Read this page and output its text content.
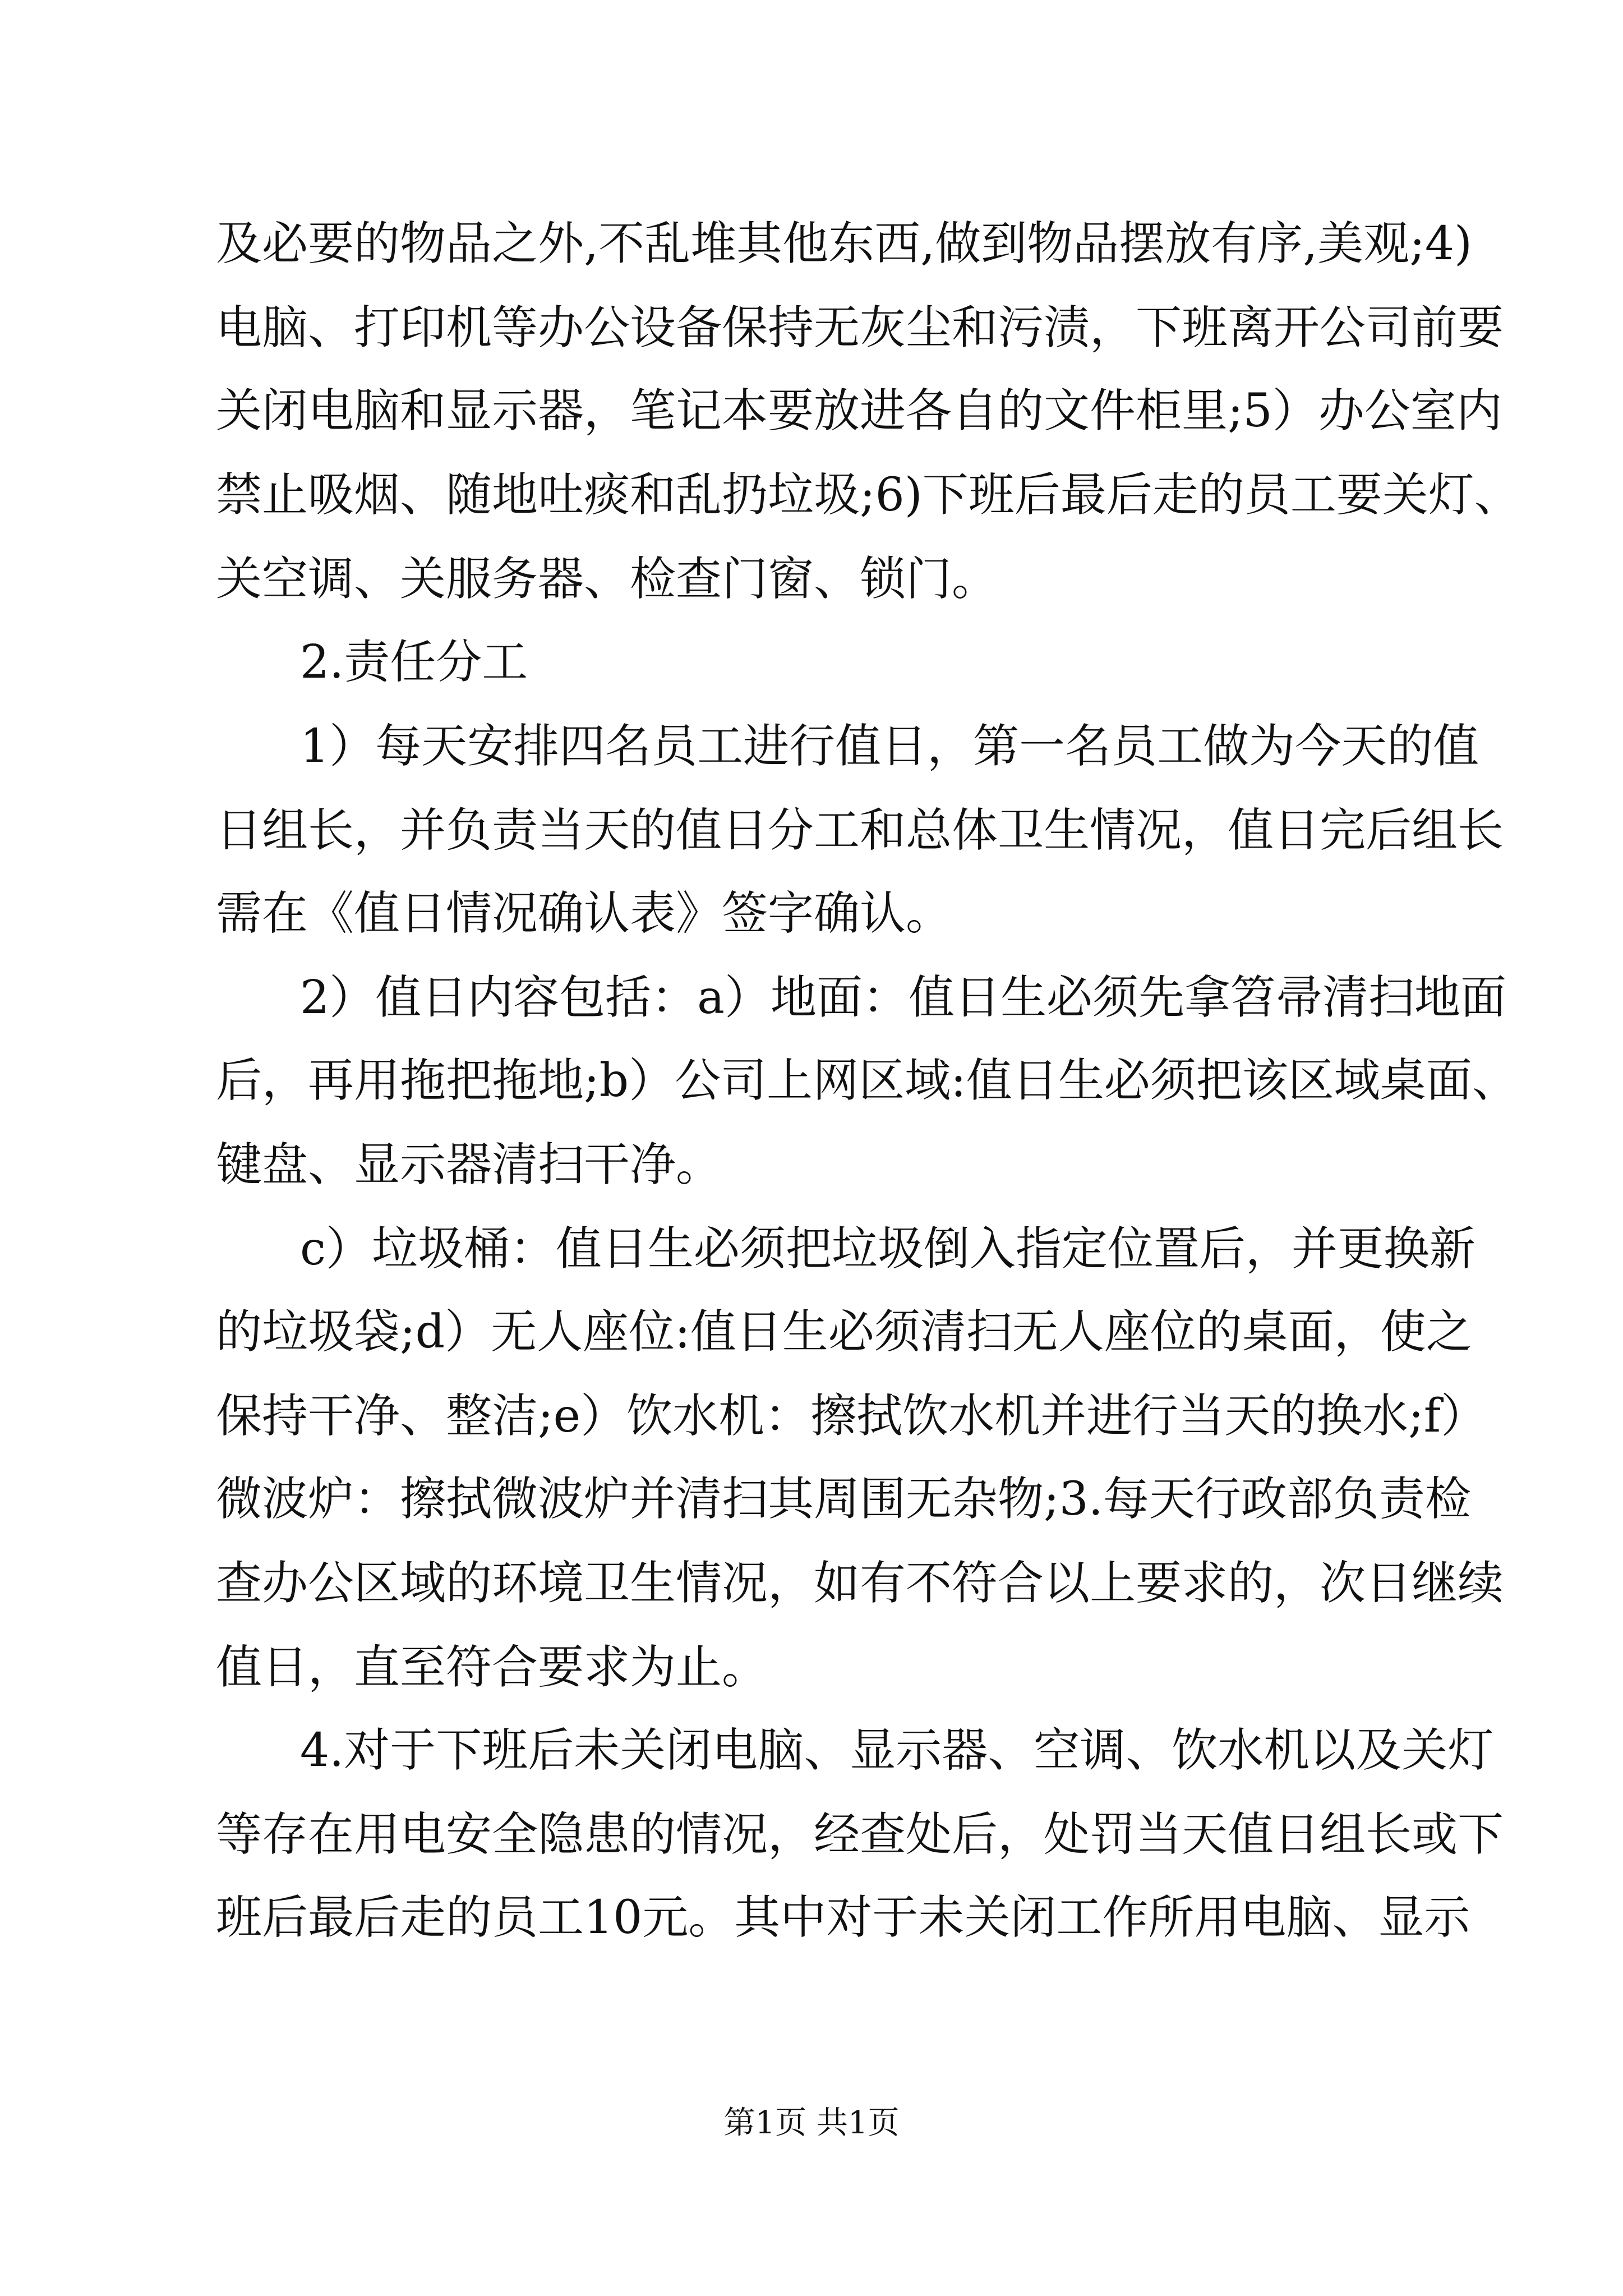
及必要的物品之外,不乱堆其他东西,做到物品摆放有序,美观;4)
电脑、打印机等办公设备保持无灰尘和污渍，下班离开公司前要
关闭电脑和显示器，笔记本要放进各自的文件柜里;5）办公室内
禁止吸烟、随地吐痰和乱扔垃圾;6)下班后最后走的员工要关灯、
关空调、关服务器、检查门窗、锁门。
2.责任分工
1）每天安排四名员工进行值日，第一名员工做为今天的值
日组长，并负责当天的值日分工和总体卫生情况，值日完后组长
需在《值日情况确认表》签字确认。
2）值日内容包括：a）地面：值日生必须先拿笤帚清扫地面
后，再用拖把拖地;b）公司上网区域:值日生必须把该区域桌面、
键盘、显示器清扫干净。
c）垃圾桶：值日生必须把垃圾倒入指定位置后，并更换新
的垃圾袋;d）无人座位:值日生必须清扫无人座位的桌面，使之
保持干净、整洁;e）饮水机：擦拭饮水机并进行当天的换水;f）
微波炉：擦拭微波炉并清扫其周围无杂物;3.每天行政部负责检
查办公区域的环境卫生情况，如有不符合以上要求的，次日继续
值日，直至符合要求为止。
4.对于下班后未关闭电脑、显示器、空调、饮水机以及关灯
等存在用电安全隐患的情况，经查处后，处罚当天值日组长或下
班后最后走的员工10元。其中对于未关闭工作所用电脑、显示
第1页 共1页
